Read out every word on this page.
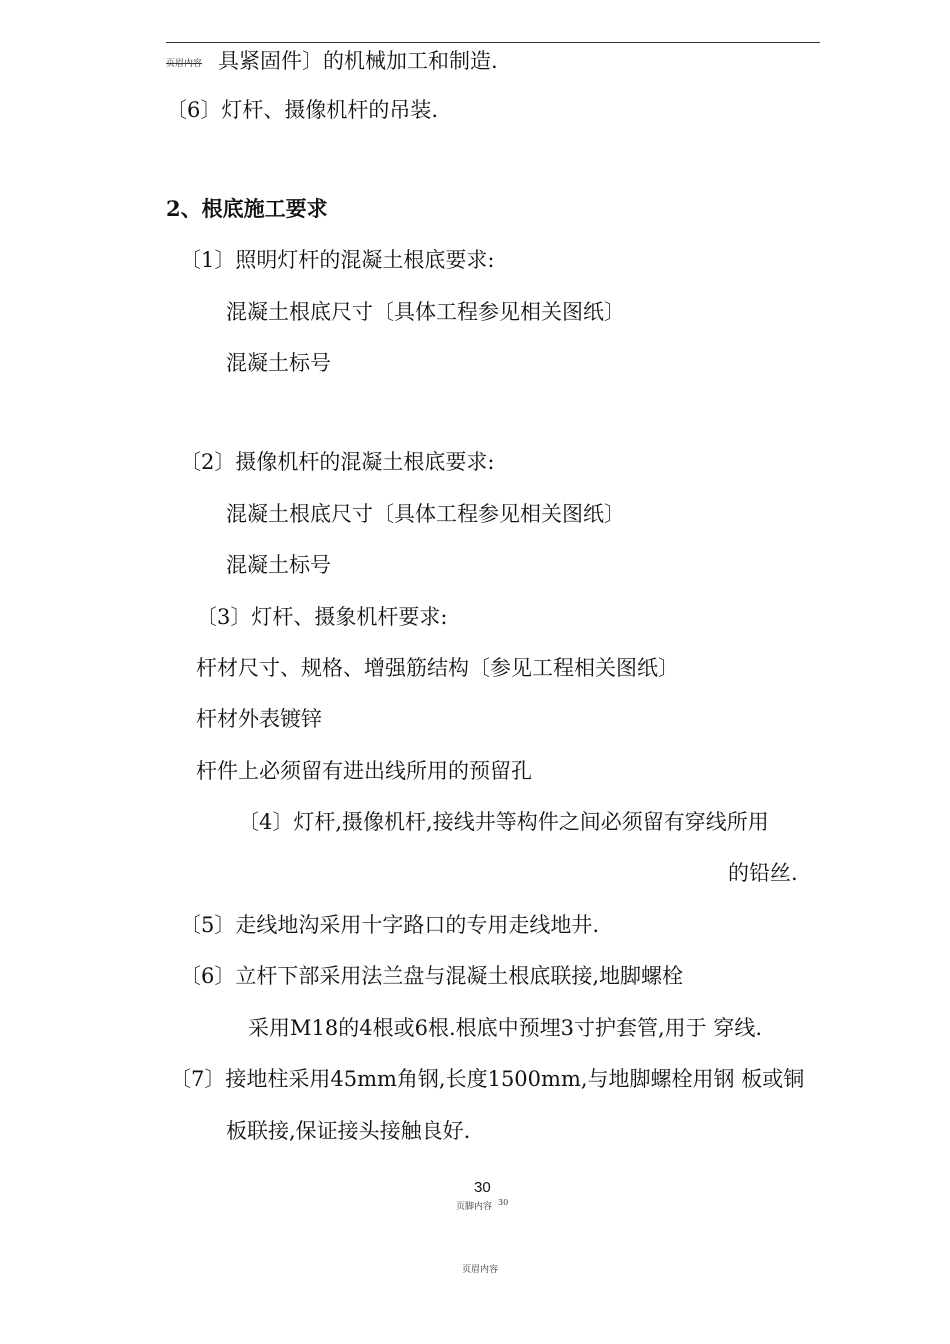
页眉内容 具紧固件〕的机械加工和制造.
〔6〕灯杆、摄像机杆的吊装.
2、根底施工要求
〔1〕照明灯杆的混凝土根底要求:
混凝土根底尺寸〔具体工程参见相关图纸〕
混凝土标号
〔2〕摄像机杆的混凝土根底要求:
混凝土根底尺寸〔具体工程参见相关图纸〕
混凝土标号
〔3〕灯杆、摄象机杆要求:
杆材尺寸、规格、增强筋结构〔参见工程相关图纸〕
杆材外表镀锌
杆件上必须留有进出线所用的预留孔
〔4〕灯杆,摄像机杆,接线井等构件之间必须留有穿线所用
的铅丝.
〔5〕走线地沟采用十字路口的专用走线地井.
〔6〕立杆下部采用法兰盘与混凝土根底联接,地脚螺栓
采用M18的4根或6根.根底中预埋3寸护套管,用于 穿线.
〔7〕接地柱采用45mm角钢,长度1500mm,与地脚螺栓用钢 板或铜
板联接,保证接头接触良好.
30
页脚内容 30
页眉内容
